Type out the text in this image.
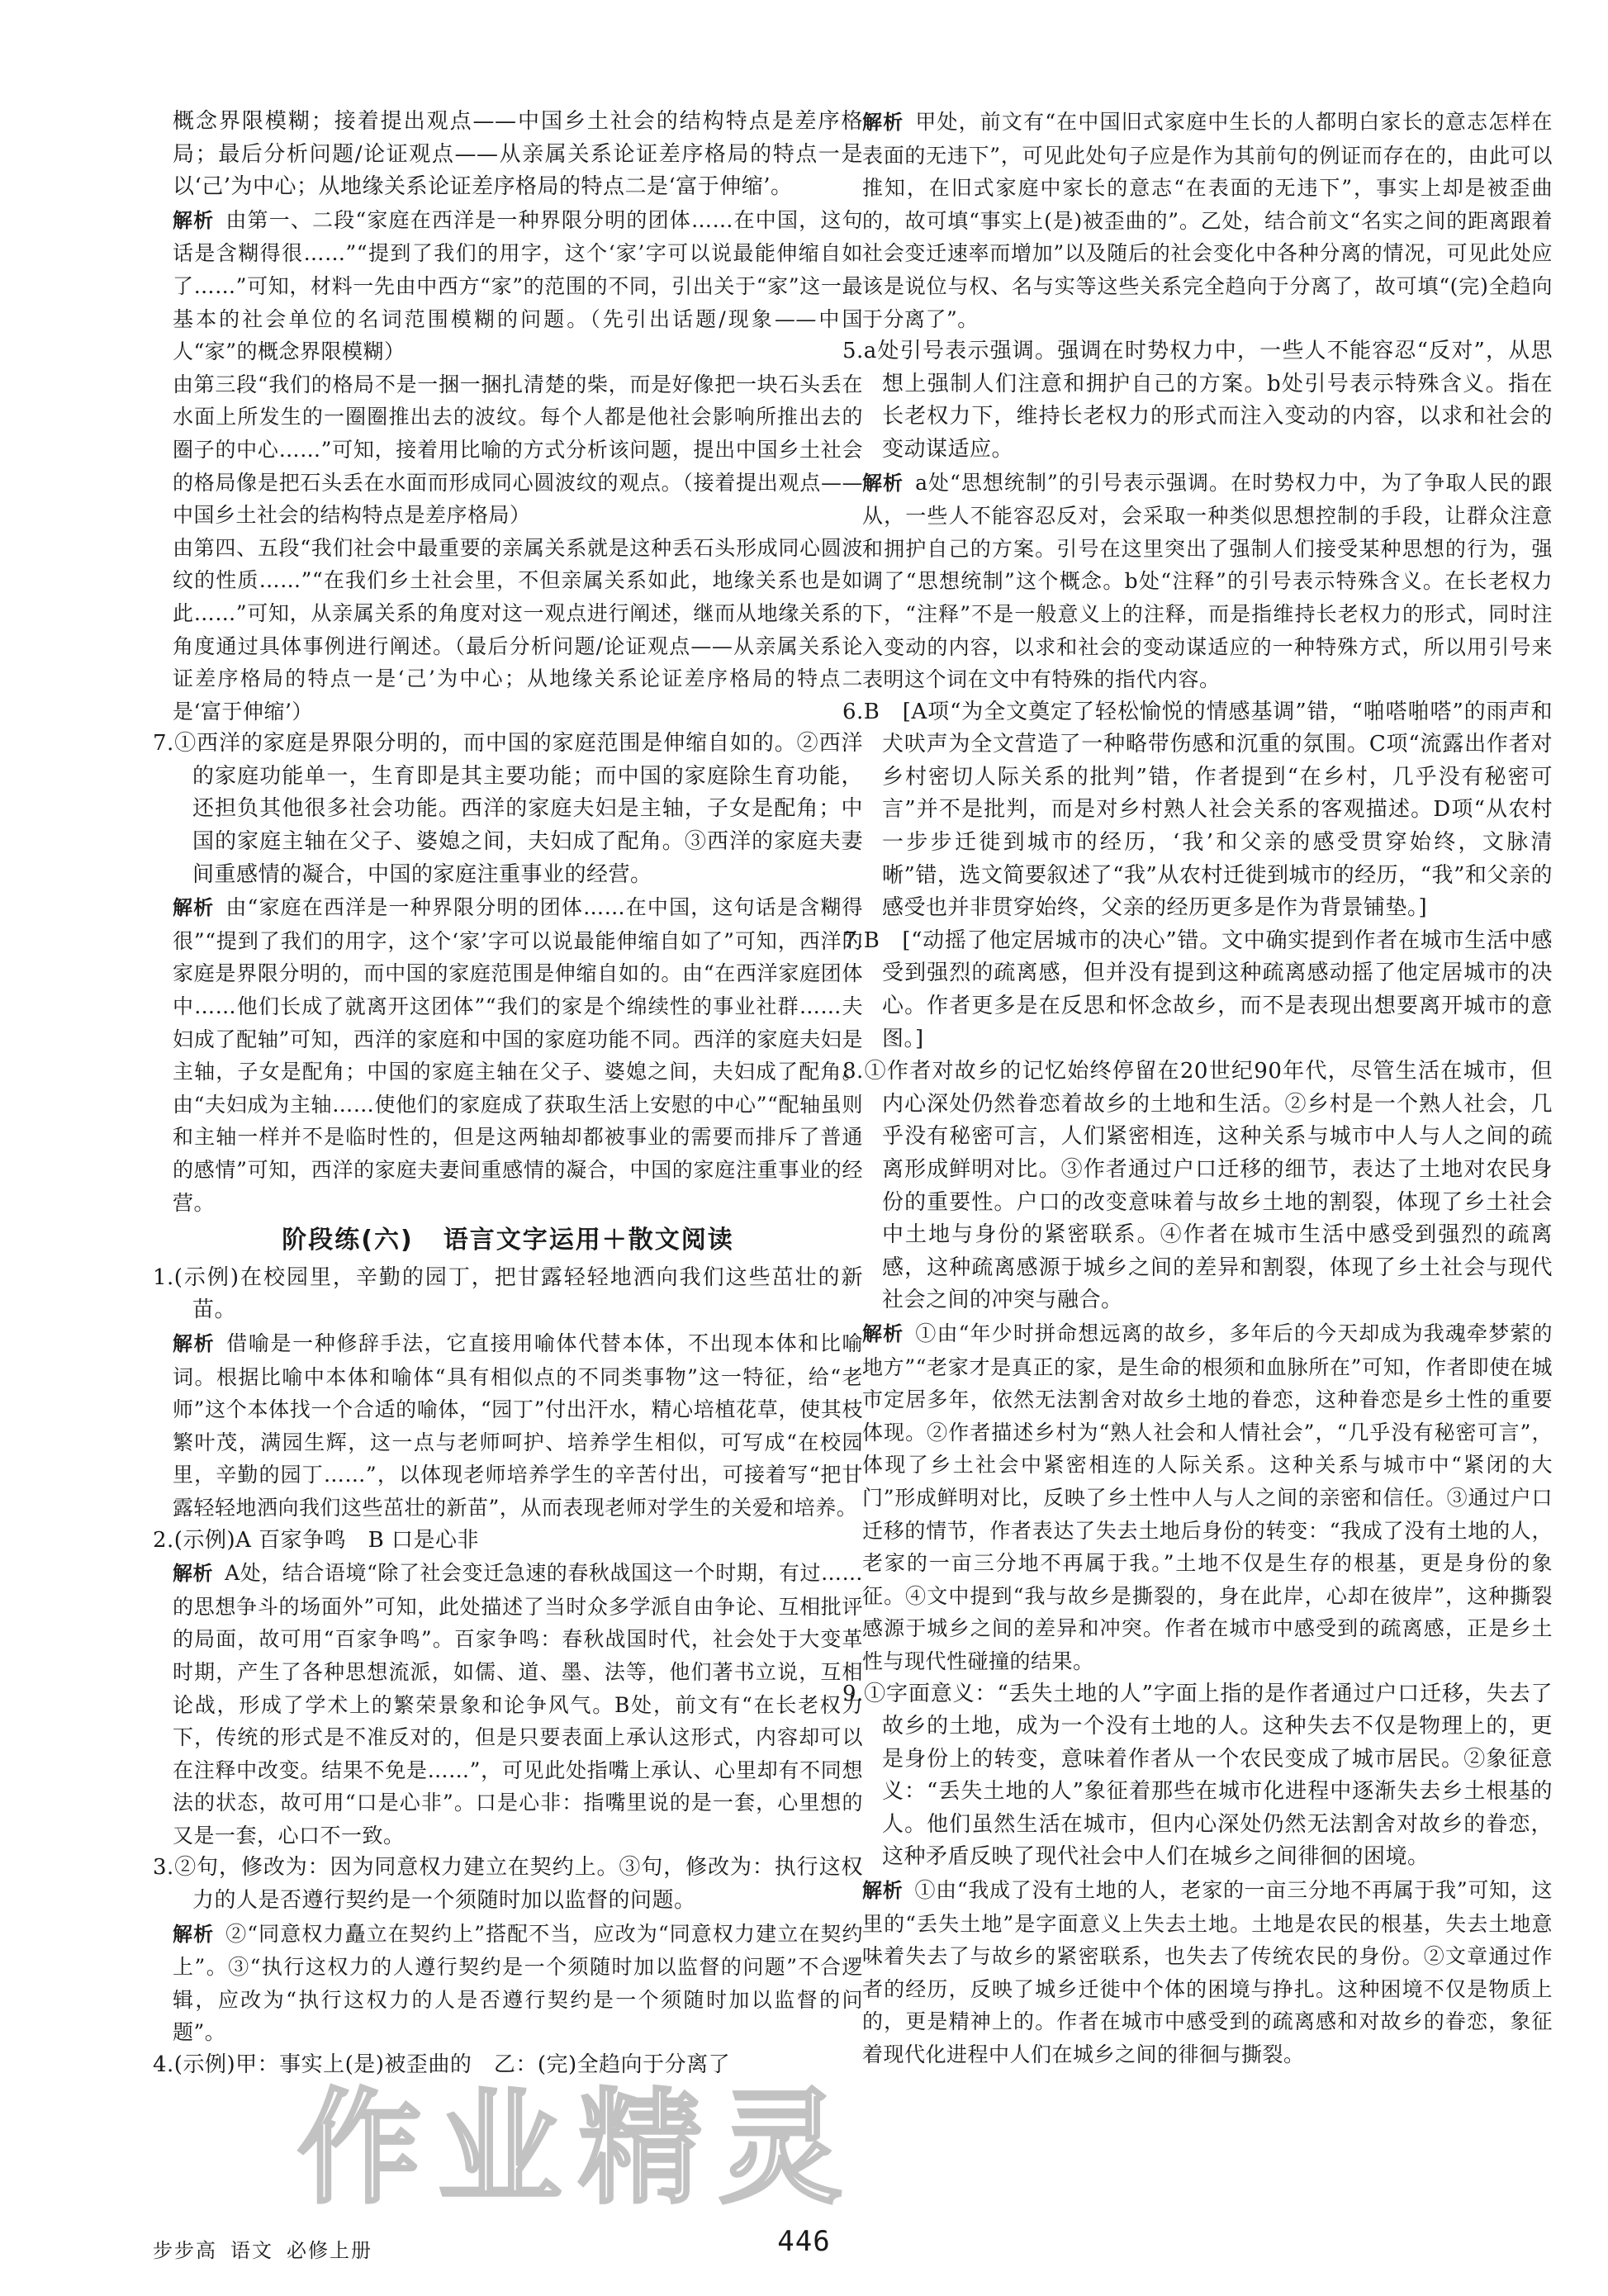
概念界限模糊；接着提出观点——中国乡土社会的结构特点是差序格局；最后分析问题/论证观点——从亲属关系论证差序格局的特点一是以‘己’为中心；从地缘关系论证差序格局的特点二是‘富于伸缩’。

解析 由第一、二段“家庭在西洋是一种界限分明的团体……在中国，这句话是含糊得很……”“提到了我们的用字，这个‘家’字可以说最能伸缩自如了……”可知，材料一先由中西方“家”的范围的不同，引出关于“家”这一最基本的社会单位的名词范围模糊的问题。（先引出话题/现象——中国人“家”的概念界限模糊）

由第三段“我们的格局不是一捆一捆扎清楚的柴，而是好像把一块石头丢在水面上所发生的一圈圈推出去的波纹。每个人都是他社会影响所推出去的圈子的中心……”可知，接着用比喻的方式分析该问题，提出中国乡土社会的格局像是把石头丢在水面而形成同心圆波纹的观点。（接着提出观点——中国乡土社会的结构特点是差序格局）

由第四、五段“我们社会中最重要的亲属关系就是这种丢石头形成同心圆波纹的性质……”“在我们乡土社会里，不但亲属关系如此，地缘关系也是如此……”可知，从亲属关系的角度对这一观点进行阐述，继而从地缘关系的角度通过具体事例进行阐述。（最后分析问题/论证观点——从亲属关系论证差序格局的特点一是‘己’为中心；从地缘关系论证差序格局的特点二是‘富于伸缩’）

7.①西洋的家庭是界限分明的，而中国的家庭范围是伸缩自如的。②西洋的家庭功能单一，生育即是其主要功能；而中国的家庭除生育功能，还担负其他很多社会功能。西洋的家庭夫妇是主轴，子女是配角；中国的家庭主轴在父子、婆媳之间，夫妇成了配角。③西洋的家庭夫妻间重感情的凝合，中国的家庭注重事业的经营。

解析 由“家庭在西洋是一种界限分明的团体……在中国，这句话是含糊得很”“提到了我们的用字，这个‘家’字可以说最能伸缩自如了”可知，西洋的家庭是界限分明的，而中国的家庭范围是伸缩自如的。由“在西洋家庭团体中……他们长成了就离开这团体”“我们的家是个绵续性的事业社群……夫妇成了配轴”可知，西洋的家庭和中国的家庭功能不同。西洋的家庭夫妇是主轴，子女是配角；中国的家庭主轴在父子、婆媳之间，夫妇成了配角。由“夫妇成为主轴……使他们的家庭成了获取生活上安慰的中心”“配轴虽则和主轴一样并不是临时性的，但是这两轴却都被事业的需要而排斥了普通的感情”可知，西洋的家庭夫妻间重感情的凝合，中国的家庭注重事业的经营。

阶段练(六) 语言文字运用＋散文阅读

1.(示例)在校园里，辛勤的园丁，把甘露轻轻地洒向我们这些茁壮的新苗。

解析 借喻是一种修辞手法，它直接用喻体代替本体，不出现本体和比喻词。根据比喻中本体和喻体“具有相似点的不同类事物”这一特征，给“老师”这个本体找一个合适的喻体，“园丁”付出汗水，精心培植花草，使其枝繁叶茂，满园生辉，这一点与老师呵护、培养学生相似，可写成“在校园里，辛勤的园丁……”，以体现老师培养学生的辛苦付出，可接着写“把甘露轻轻地洒向我们这些茁壮的新苗”，从而表现老师对学生的关爱和培养。

2.(示例)A 百家争鸣　B 口是心非

解析 A处，结合语境“除了社会变迁急速的春秋战国这一个时期，有过……的思想争斗的场面外”可知，此处描述了当时众多学派自由争论、互相批评的局面，故可用“百家争鸣”。百家争鸣：春秋战国时代，社会处于大变革时期，产生了各种思想流派，如儒、道、墨、法等，他们著书立说，互相论战，形成了学术上的繁荣景象和论争风气。B处，前文有“在长老权力下，传统的形式是不准反对的，但是只要表面上承认这形式，内容却可以在注释中改变。结果不免是……”，可见此处指嘴上承认、心里却有不同想法的状态，故可用“口是心非”。口是心非：指嘴里说的是一套，心里想的又是一套，心口不一致。

3.②句，修改为：因为同意权力建立在契约上。③句，修改为：执行这权力的人是否遵行契约是一个须随时加以监督的问题。

解析 ②“同意权力矗立在契约上”搭配不当，应改为“同意权力建立在契约上”。③“执行这权力的人遵行契约是一个须随时加以监督的问题”不合逻辑，应改为“执行这权力的人是否遵行契约是一个须随时加以监督的问题”。

4.(示例)甲：事实上(是)被歪曲的　乙：(完)全趋向于分离了

解析 甲处，前文有“在中国旧式家庭中生长的人都明白家长的意志怎样在表面的无违下”，可见此处句子应是作为其前句的例证而存在的，由此可以推知，在旧式家庭中家长的意志“在表面的无违下”，事实上却是被歪曲的，故可填“事实上(是)被歪曲的”。乙处，结合前文“名实之间的距离跟着社会变迁速率而增加”以及随后的社会变化中各种分离的情况，可见此处应该是说位与权、名与实等这些关系完全趋向于分离了，故可填“(完)全趋向于分离了”。

5.a处引号表示强调。强调在时势权力中，一些人不能容忍“反对”，从思想上强制人们注意和拥护自己的方案。b处引号表示特殊含义。指在长老权力下，维持长老权力的形式而注入变动的内容，以求和社会的变动谋适应。

解析 a处“思想统制”的引号表示强调。在时势权力中，为了争取人民的跟从，一些人不能容忍反对，会采取一种类似思想控制的手段，让群众注意和拥护自己的方案。引号在这里突出了强制人们接受某种思想的行为，强调了“思想统制”这个概念。b处“注释”的引号表示特殊含义。在长老权力下，“注释”不是一般意义上的注释，而是指维持长老权力的形式，同时注入变动的内容，以求和社会的变动谋适应的一种特殊方式，所以用引号来表明这个词在文中有特殊的指代内容。

6.B　[A项“为全文奠定了轻松愉悦的情感基调”错，“啪嗒啪嗒”的雨声和犬吠声为全文营造了一种略带伤感和沉重的氛围。C项“流露出作者对乡村密切人际关系的批判”错，作者提到“在乡村，几乎没有秘密可言”并不是批判，而是对乡村熟人社会关系的客观描述。D项“从农村一步步迁徙到城市的经历，‘我’和父亲的感受贯穿始终，文脉清晰”错，选文简要叙述了“我”从农村迁徙到城市的经历，“我”和父亲的感受也并非贯穿始终，父亲的经历更多是作为背景铺垫。]

7.B　[“动摇了他定居城市的决心”错。文中确实提到作者在城市生活中感受到强烈的疏离感，但并没有提到这种疏离感动摇了他定居城市的决心。作者更多是在反思和怀念故乡，而不是表现出想要离开城市的意图。]

8.①作者对故乡的记忆始终停留在20世纪90年代，尽管生活在城市，但内心深处仍然眷恋着故乡的土地和生活。②乡村是一个熟人社会，几乎没有秘密可言，人们紧密相连，这种关系与城市中人与人之间的疏离形成鲜明对比。③作者通过户口迁移的细节，表达了土地对农民身份的重要性。户口的改变意味着与故乡土地的割裂，体现了乡土社会中土地与身份的紧密联系。④作者在城市生活中感受到强烈的疏离感，这种疏离感源于城乡之间的差异和割裂，体现了乡土社会与现代社会之间的冲突与融合。

解析 ①由“年少时拼命想远离的故乡，多年后的今天却成为我魂牵梦萦的地方”“老家才是真正的家，是生命的根须和血脉所在”可知，作者即使在城市定居多年，依然无法割舍对故乡土地的眷恋，这种眷恋是乡土性的重要体现。②作者描述乡村为“熟人社会和人情社会”，“几乎没有秘密可言”，体现了乡土社会中紧密相连的人际关系。这种关系与城市中“紧闭的大门”形成鲜明对比，反映了乡土性中人与人之间的亲密和信任。③通过户口迁移的情节，作者表达了失去土地后身份的转变：“我成了没有土地的人，老家的一亩三分地不再属于我。”土地不仅是生存的根基，更是身份的象征。④文中提到“我与故乡是撕裂的，身在此岸，心却在彼岸”，这种撕裂感源于城乡之间的差异和冲突。作者在城市中感受到的疏离感，正是乡土性与现代性碰撞的结果。

9.①字面意义：“丢失土地的人”字面上指的是作者通过户口迁移，失去了故乡的土地，成为一个没有土地的人。这种失去不仅是物理上的，更是身份上的转变，意味着作者从一个农民变成了城市居民。②象征意义：“丢失土地的人”象征着那些在城市化进程中逐渐失去乡土根基的人。他们虽然生活在城市，但内心深处仍然无法割舍对故乡的眷恋，这种矛盾反映了现代社会中人们在城乡之间徘徊的困境。

解析 ①由“我成了没有土地的人，老家的一亩三分地不再属于我”可知，这里的“丢失土地”是字面意义上失去土地。土地是农民的根基，失去土地意味着失去了与故乡的紧密联系，也失去了传统农民的身份。②文章通过作者的经历，反映了城乡迁徙中个体的困境与挣扎。这种困境不仅是物质上的，更是精神上的。作者在城市中感受到的疏离感和对故乡的眷恋，象征着现代化进程中人们在城乡之间的徘徊与撕裂。

作业精灵
步步高 语文 必修上册	446
